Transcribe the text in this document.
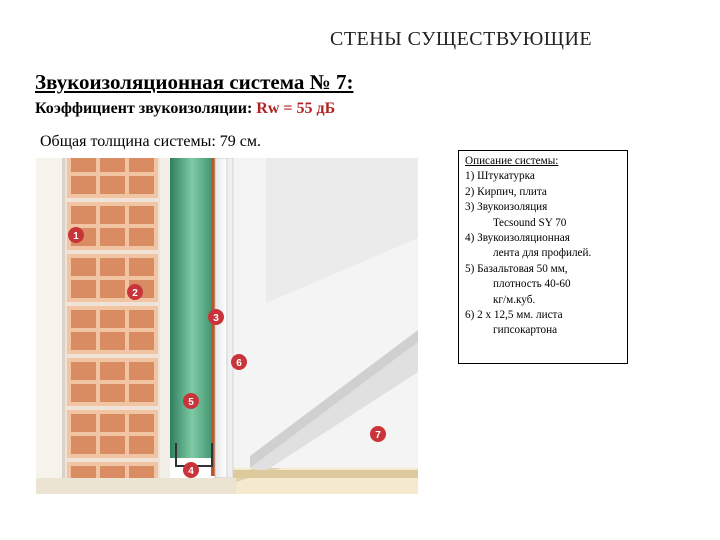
СТЕНЫ СУЩЕСТВУЮЩИЕ
Звукоизоляционная система № 7:
Коэффициент звукоизоляции: Rw = 55 дБ
Общая толщина системы: 79 см.
1
2
3
4
5
6
7
Описание системы:
1) Штукатурка
2) Кирпич, плита
3) Звукоизоляция
Tecsound SY 70
4) Звукоизоляционная
лента для профилей.
5) Базальтовая 50 мм,
плотность 40-60
кг/м.куб.
6) 2 х 12,5 мм. листа
гипсокартона
